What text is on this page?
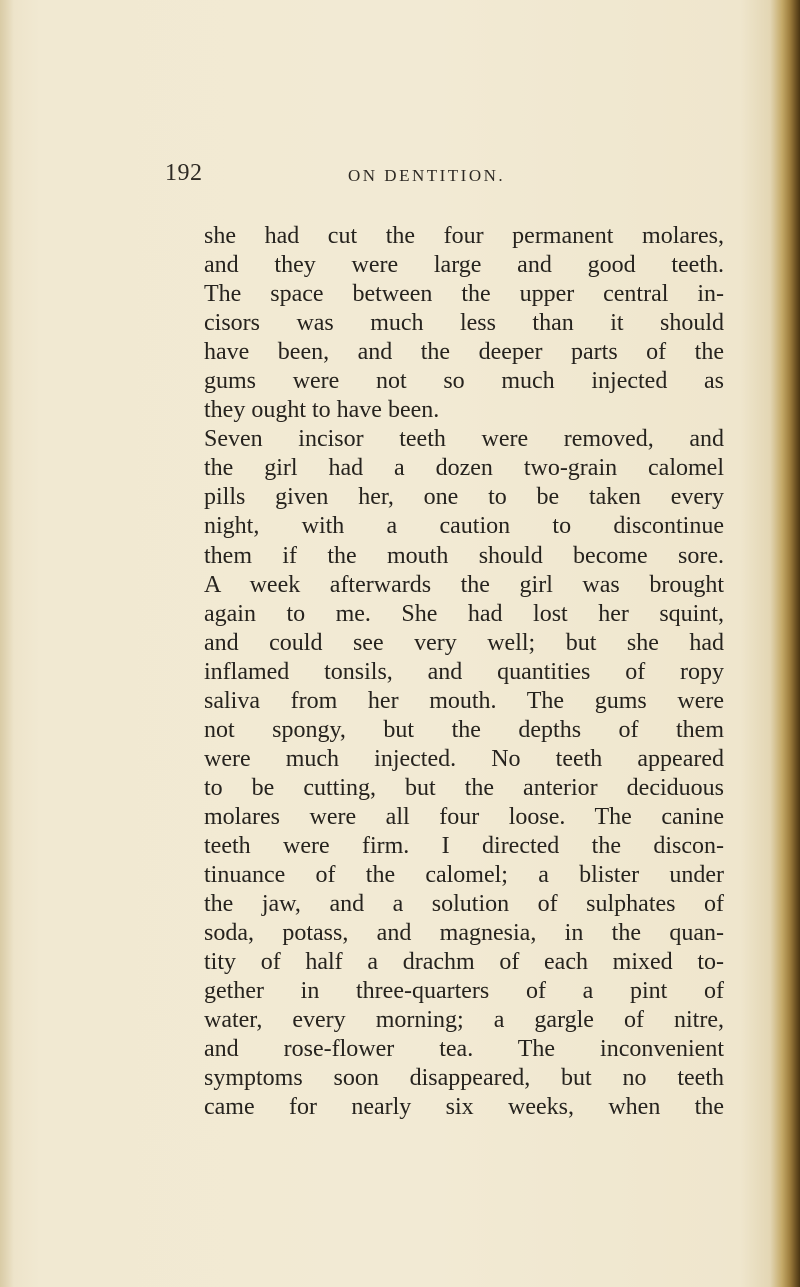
192	ON DENTITION.
she had cut the four permanent molares,
and they were large and good teeth.
The space between the upper central in-
cisors was much less than it should
have been, and the deeper parts of the
gums were not so much injected as
they ought to have been.
Seven incisor teeth were removed, and
the girl had a dozen two-grain calomel
pills given her, one to be taken every
night, with a caution to discontinue
them if the mouth should become sore.
A week afterwards the girl was brought
again to me. She had lost her squint,
and could see very well; but she had
inflamed tonsils, and quantities of ropy
saliva from her mouth. The gums were
not spongy, but the depths of them
were much injected. No teeth appeared
to be cutting, but the anterior deciduous
molares were all four loose. The canine
teeth were firm. I directed the discon-
tinuance of the calomel; a blister under
the jaw, and a solution of sulphates of
soda, potass, and magnesia, in the quan-
tity of half a drachm of each mixed to-
gether in three-quarters of a pint of
water, every morning; a gargle of nitre,
and rose-flower tea. The inconvenient
symptoms soon disappeared, but no teeth
came for nearly six weeks, when the
